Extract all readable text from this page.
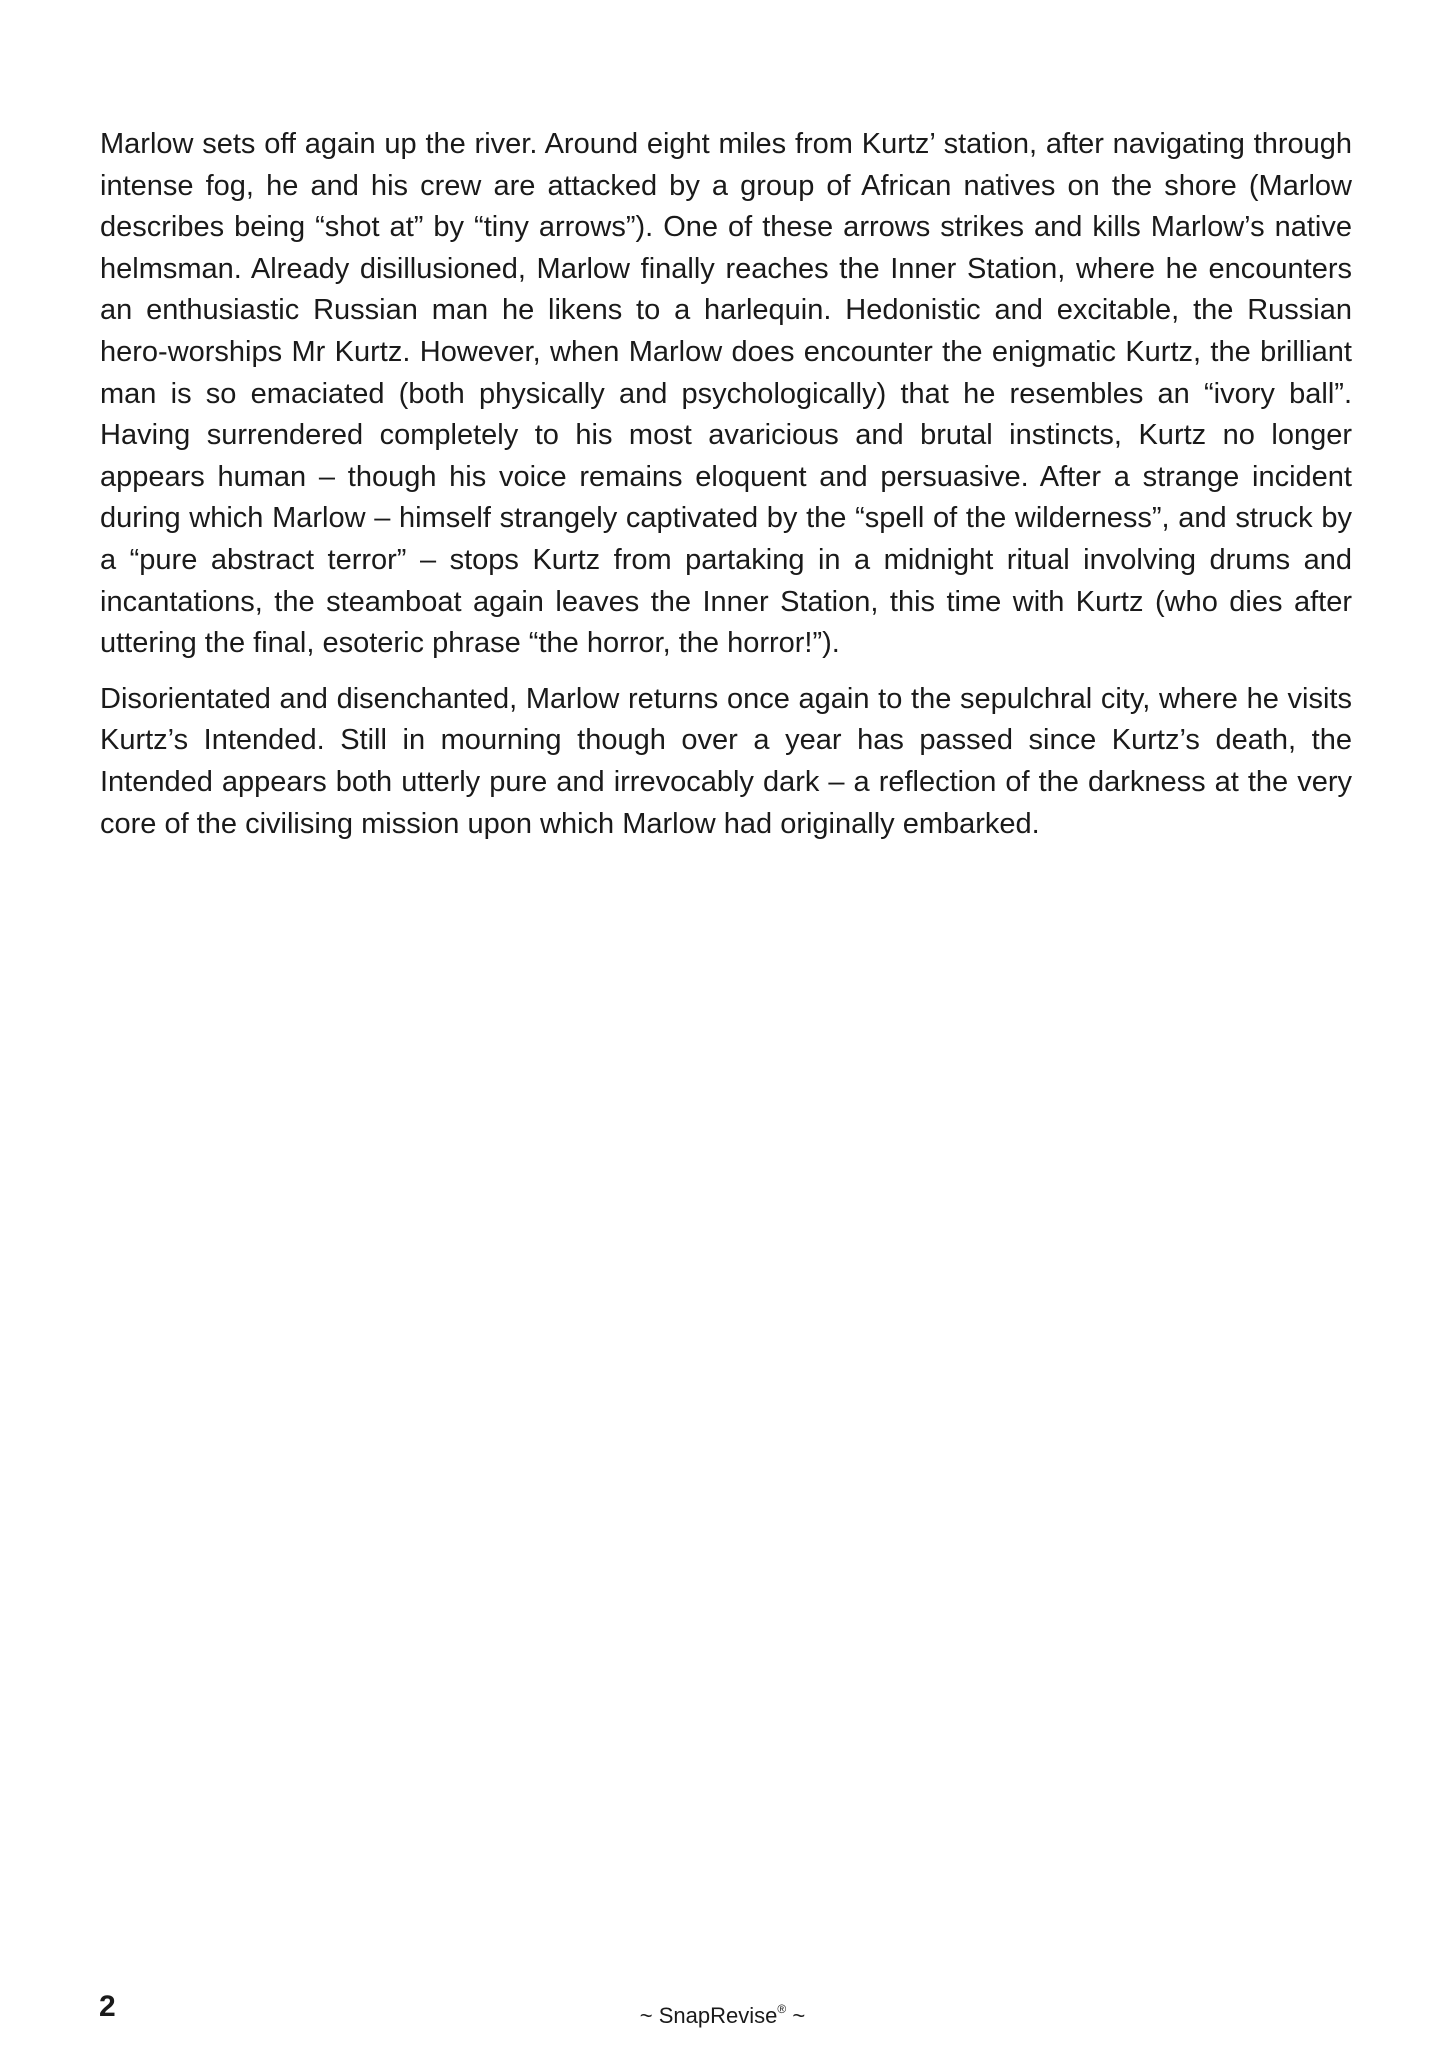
Marlow sets off again up the river. Around eight miles from Kurtz’ station, after navigating through intense fog, he and his crew are attacked by a group of African natives on the shore (Marlow describes being “shot at” by “tiny arrows”). One of these arrows strikes and kills Marlow’s native helmsman. Already disillusioned, Marlow finally reaches the Inner Station, where he encounters an enthusiastic Russian man he likens to a harlequin. Hedonistic and excitable, the Russian hero-worships Mr Kurtz. However, when Marlow does encounter the enigmatic Kurtz, the brilliant man is so emaciated (both physically and psychologically) that he resembles an “ivory ball”. Having surrendered completely to his most avaricious and brutal instincts, Kurtz no longer appears human – though his voice remains eloquent and persuasive. After a strange incident during which Marlow – himself strangely captivated by the “spell of the wilderness”, and struck by a “pure abstract terror” – stops Kurtz from partaking in a midnight ritual involving drums and incantations, the steamboat again leaves the Inner Station, this time with Kurtz (who dies after uttering the final, esoteric phrase “the horror, the horror!”).

Disorientated and disenchanted, Marlow returns once again to the sepulchral city, where he visits Kurtz’s Intended. Still in mourning though over a year has passed since Kurtz’s death, the Intended appears both utterly pure and irrevocably dark – a reflection of the darkness at the very core of the civilising mission upon which Marlow had originally embarked.

2	~ SnapRevise® ~
